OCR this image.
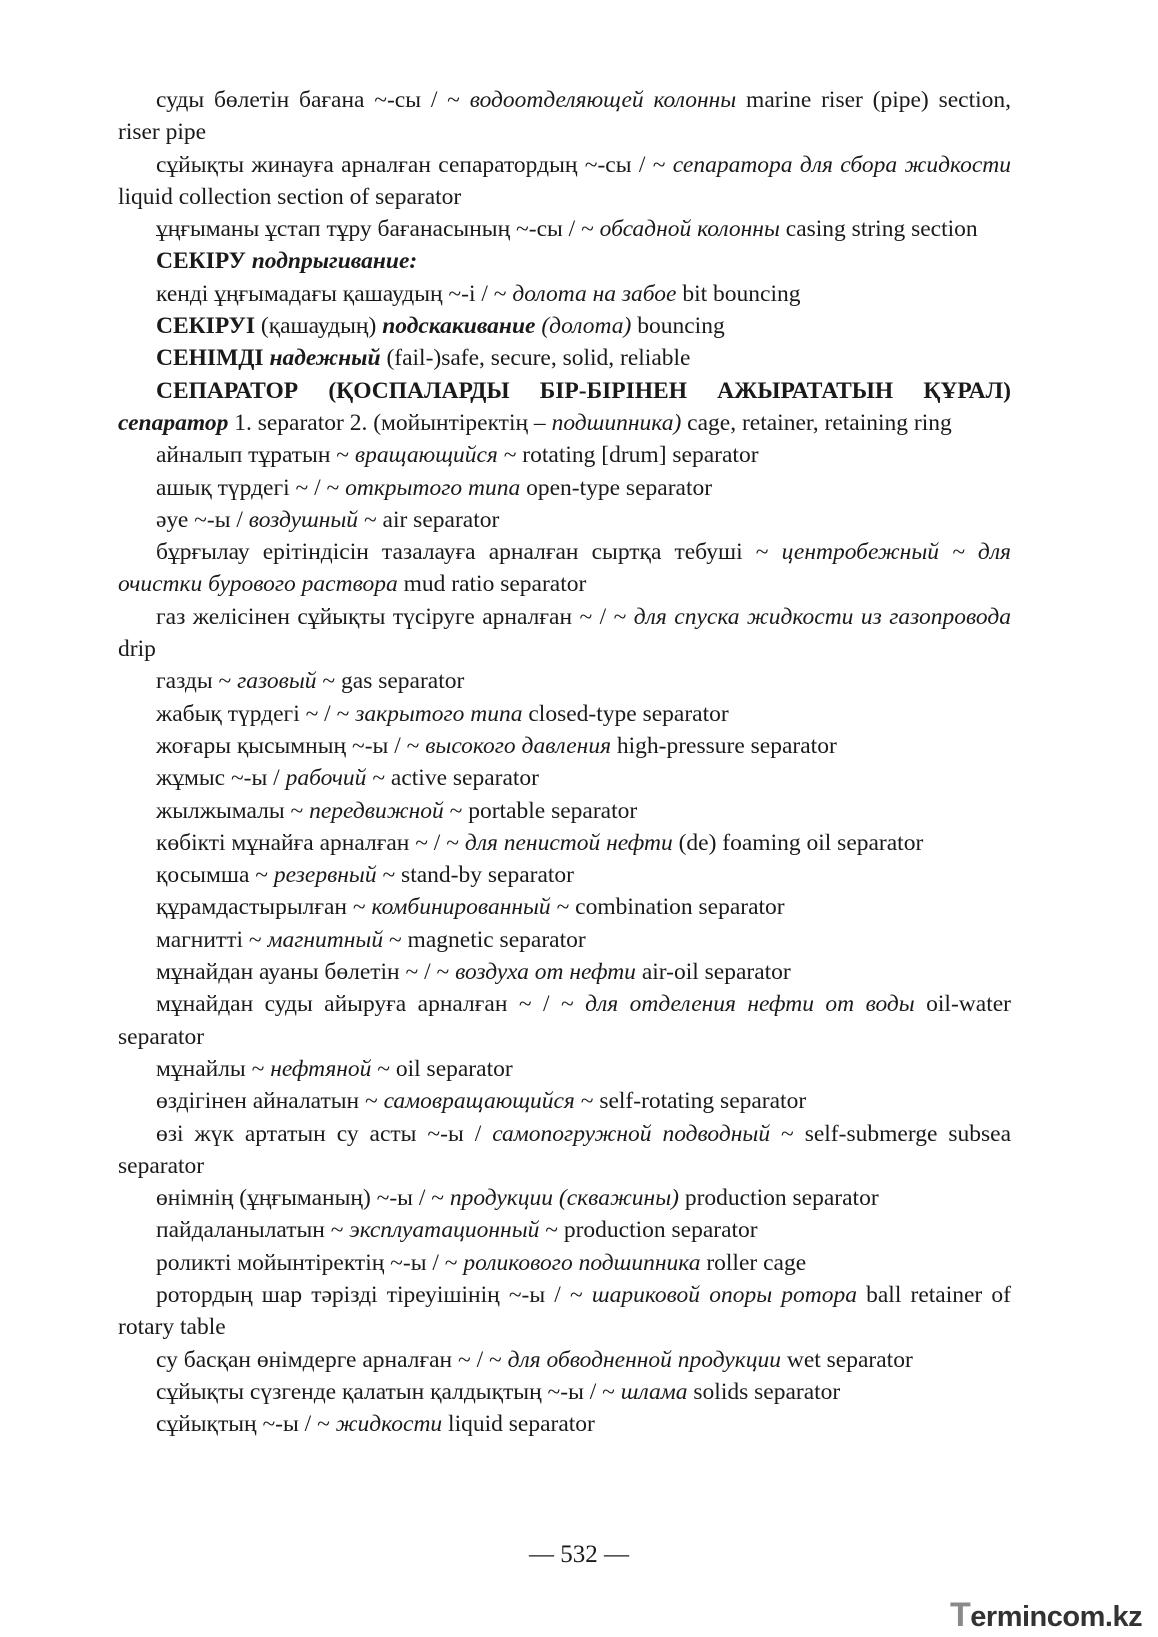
суды бөлетін бағана ~-сы / ~ водоотделяющей колонны marine riser (pipe) section, riser pipe

сұйықты жинауға арналған сепаратордың ~-сы / ~ сепаратора для сбора жидкости liquid collection section of separator

ұңғыманы ұстап тұру бағанасының ~-сы / ~ обсадной колонны casing string section

СЕКІРУ подпрыгивание:

кенді ұңғымадағы қашаудың ~-і / ~ долота на забое bit bouncing

СЕКІРУІ (қашаудың) подскакивание (долота) bouncing

СЕНІМДІ надежный (fail-)safe, secure, solid, reliable

СЕПАРАТОР (ҚОСПАЛАРДЫ БІР-БІРІНЕН АЖЫРАТАТЫН ҚҰРАЛ) сепаратор 1. separator 2. (мойынтіректің – подшипника) cage, retainer, retaining ring

айналып тұратын ~ вращающийся ~ rotating [drum] separator

ашық түрдегі ~ / ~ открытого типа open-type separator

әуе ~-ы / воздушный ~ air separator

бұрғылау ерітіндісін тазалауға арналған сыртқа тебуші ~ центробежный ~ для очистки бурового раствора mud ratio separator

газ желісінен сұйықты түсіруге арналған ~ / ~ для спуска жидкости из газопровода drip

газды ~ газовый ~ gas separator

жабық түрдегі ~ / ~ закрытого типа closed-type separator

жоғары қысымның ~-ы / ~ высокого давления high-pressure separator

жұмыс ~-ы / рабочий ~ active separator

жылжымалы ~ передвижной ~ portable separator

көбікті мұнайға арналған ~ / ~ для пенистой нефти (de) foaming oil separator

қосымша ~ резервный ~ stand-by separator

құрамдастырылған ~ комбинированный ~ combination separator

магнитті ~ магнитный ~ magnetic separator

мұнайдан ауаны бөлетін ~ / ~ воздуха от нефти air-oil separator

мұнайдан суды айыруға арналған ~ / ~ для отделения нефти от воды oil-water separator

мұнайлы ~ нефтяной ~ oil separator

өздігінен айналатын ~ самовращающийся ~ self-rotating separator

өзі жүк артатын су асты ~-ы / самопогружной подводный ~ self-submerge subsea separator

өнімнің (ұңғыманың) ~-ы / ~ продукции (скважины) production separator

пайдаланылатын ~ эксплуатационный ~ production separator

роликті мойынтіректің ~-ы / ~ роликового подшипника roller cage

ротордың шар тәрізді тіреуішінің ~-ы / ~ шариковой опоры ротора ball retainer of rotary table

су басқан өнімдерге арналған ~ / ~ для обводненной продукции wet separator

сұйықты сүзгенде қалатын қалдықтың ~-ы / ~ шлама solids separator

сұйықтың ~-ы / ~ жидкости liquid separator

— 532 —
Termincom.kz
